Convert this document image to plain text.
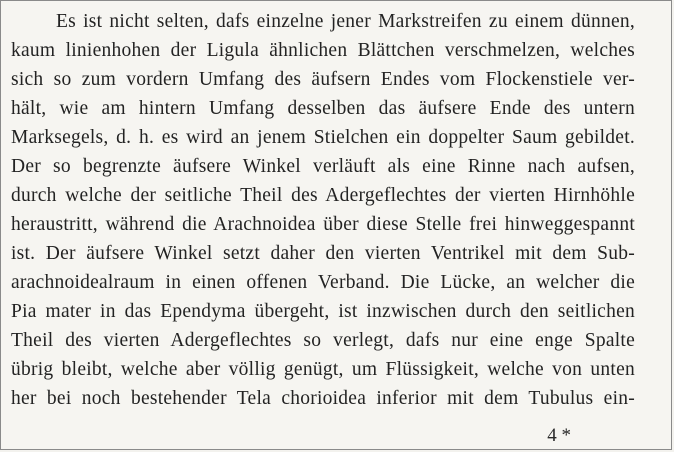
Es ist nicht selten, dafs einzelne jener Markstreifen zu einem dünnen,
kaum linienhohen der Ligula ähnlichen Blättchen verschmelzen, welches
sich so zum vordern Umfang des äufsern Endes vom Flockenstiele ver-
hält, wie am hintern Umfang desselben das äufsere Ende des untern
Marksegels, d. h. es wird an jenem Stielchen ein doppelter Saum gebildet.
Der so begrenzte äufsere Winkel verläuft als eine Rinne nach aufsen,
durch welche der seitliche Theil des Adergeflechtes der vierten Hirnhöhle
heraustritt, während die Arachnoidea über diese Stelle frei hinweggespannt
ist. Der äufsere Winkel setzt daher den vierten Ventrikel mit dem Sub-
arachnoidealraum in einen offenen Verband. Die Lücke, an welcher die
Pia mater in das Ependyma übergeht, ist inzwischen durch den seitlichen
Theil des vierten Adergeflechtes so verlegt, dafs nur eine enge Spalte
übrig bleibt, welche aber völlig genügt, um Flüssigkeit, welche von unten
her bei noch bestehender Tela chorioidea inferior mit dem Tubulus ein-
4 *
